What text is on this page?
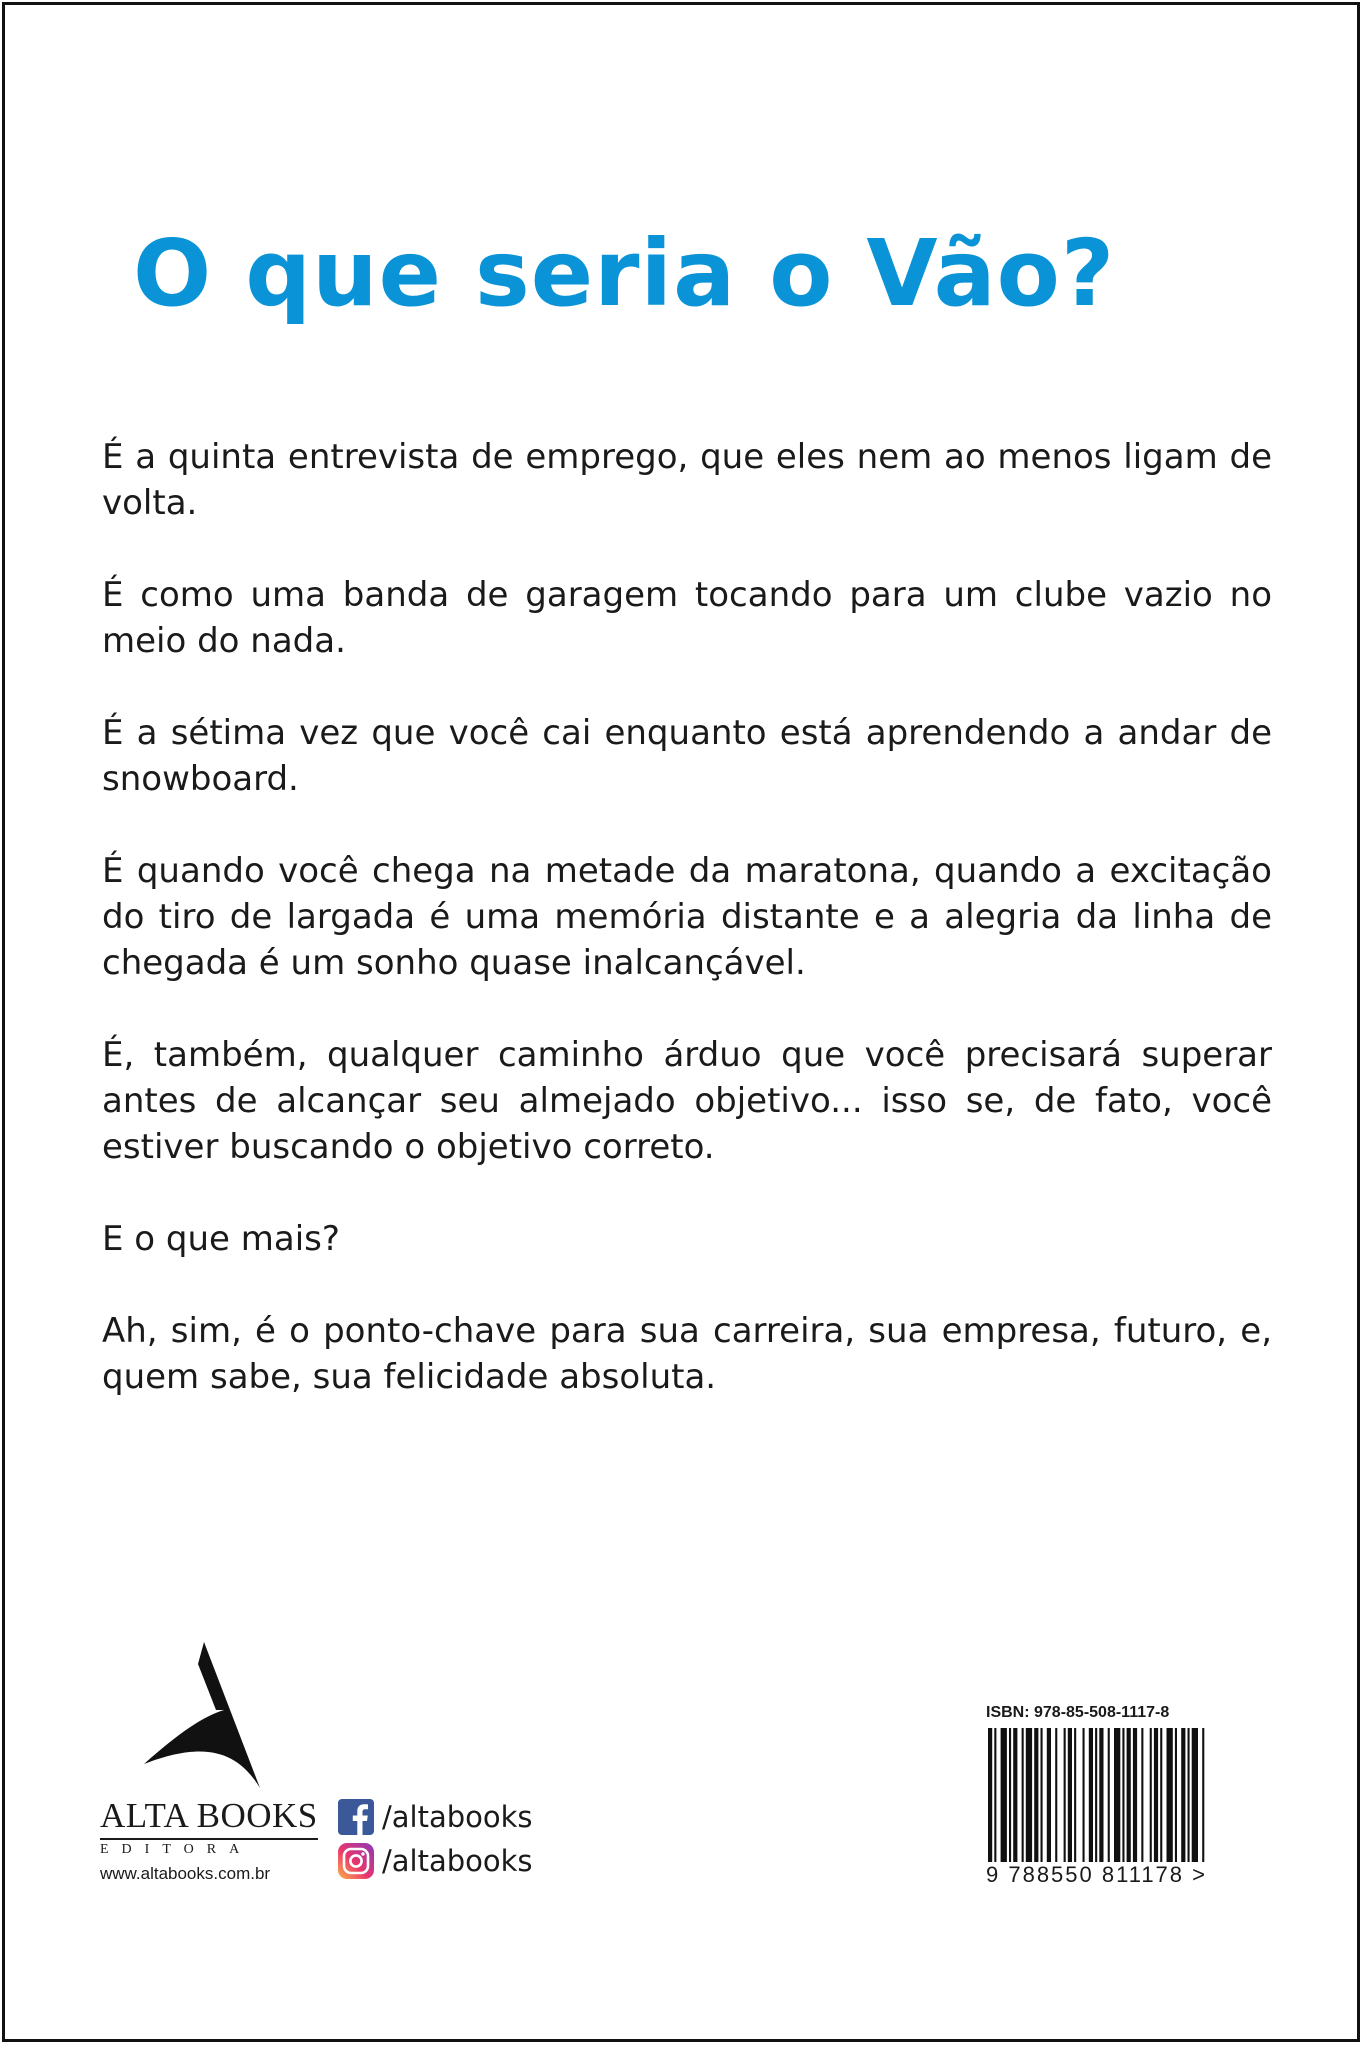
O que seria o Vão?

É a quinta entrevista de emprego, que eles nem ao menos ligam de volta.

É como uma banda de garagem tocando para um clube vazio no meio do nada.

É a sétima vez que você cai enquanto está aprendendo a andar de snowboard.

É quando você chega na metade da maratona, quando a excitação do tiro de largada é uma memória distante e a alegria da linha de chegada é um sonho quase inalcançável.

É, também, qualquer caminho árduo que você precisará superar antes de alcançar seu almejado objetivo... isso se, de fato, você estiver buscando o objetivo correto.

E o que mais?

Ah, sim, é o ponto-chave para sua carreira, sua empresa, futuro, e, quem sabe, sua felicidade absoluta.

ALTA BOOKS
EDITORA
www.altabooks.com.br
/altabooks
/altabooks
ISBN: 978-85-508-1117-8
9 788550 811178 >
